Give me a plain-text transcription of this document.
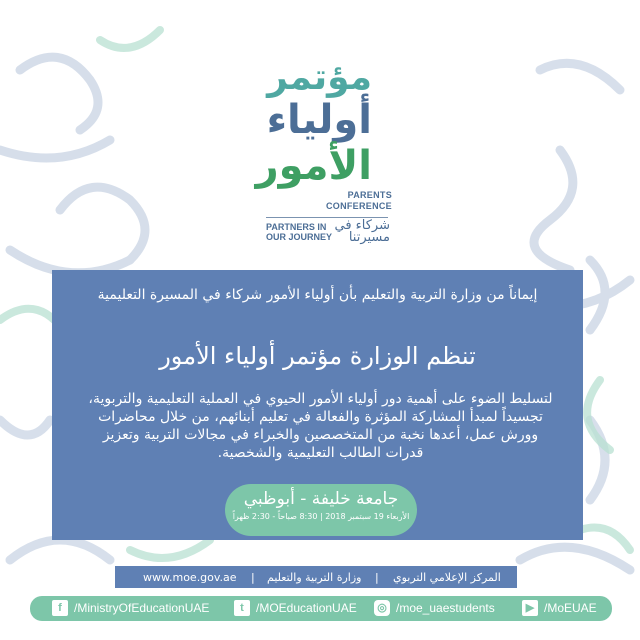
مؤتمر
أولياء
الأمور
PARENTS
CONFERENCE
PARTNERS IN
OUR JOURNEY
شركاء في
مسيرتنا
إيماناً من وزارة التربية والتعليم بأن أولياء الأمور شركاء في المسيرة التعليمية
تنظم الوزارة مؤتمر أولياء الأمور
لتسليط الضوء على أهمية دور أولياء الأمور الحيوي في العملية التعليمية والتربوية، تجسيداً لمبدأ المشاركة المؤثرة والفعالة في تعليم أبنائهم، من خلال محاضرات وورش عمل، أعدها نخبة من المتخصصين والخبراء في مجالات التربية وتعزيز قدرات الطالب التعليمية والشخصية.
جامعة خليفة - أبوظبي
الأربعاء 19 سبتمبر 2018 | 8:30 صباحاً - 2:30 ظهراً
www.moe.gov.ae | وزارة التربية والتعليم | المركز الإعلامي التربوي
f	/MinistryOfEducationUAE	t	/MOEducationUAE ◎ /moe_uaestudents	▶ /MoEUAE
